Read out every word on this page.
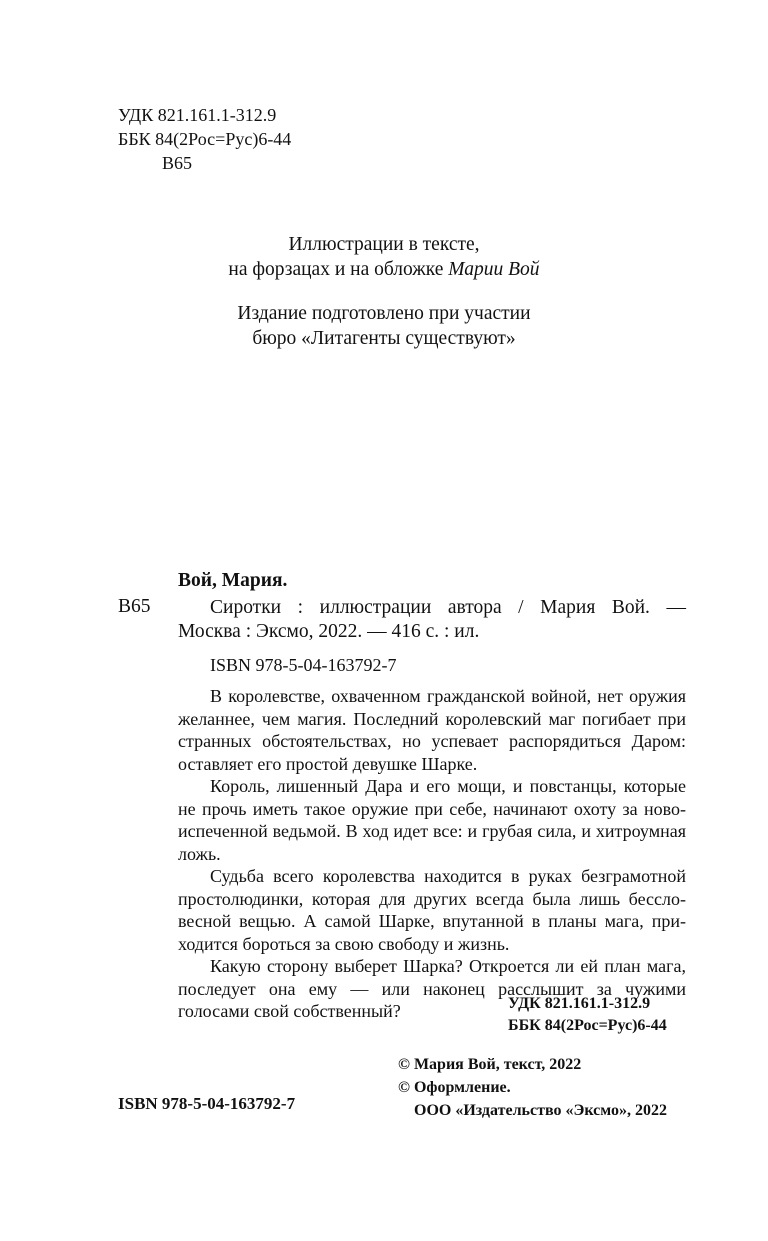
УДК 821.161.1-312.9
ББК 84(2Рос=Рус)6-44
В65
Иллюстрации в тексте,
на форзацах и на обложке Марии Вой
Издание подготовлено при участии
бюро «Литагенты существуют»
Вой, Мария.
В65	Сиротки : иллюстрации автора / Мария Вой. —
Москва : Эксмо, 2022. — 416 с. : ил.
ISBN 978-5-04-163792-7

В королевстве, охваченном гражданской войной, нет оружия желаннее, чем магия. Последний королевский маг погибает при странных обстоятельствах, но успевает распорядиться Даром: оставляет его простой девушке Шарке.

Король, лишенный Дара и его мощи, и повстанцы, которые не прочь иметь такое оружие при себе, начинают охоту за ново-испеченной ведьмой. В ход идет все: и грубая сила, и хитроумная ложь.

Судьба всего королевства находится в руках безграмотной простолюдинки, которая для других всегда была лишь бессло-весной вещью. А самой Шарке, впутанной в планы мага, при-ходится бороться за свою свободу и жизнь.

Какую сторону выберет Шарка? Откроется ли ей план мага, последует она ему — или наконец расслышит за чужими голосами свой собственный?	УДК 821.161.1-312.9
ББК 84(2Рос=Рус)6-44
© Мария Вой, текст, 2022
© Оформление.
ООО «Издательство «Эксмо», 2022
ISBN 978-5-04-163792-7
